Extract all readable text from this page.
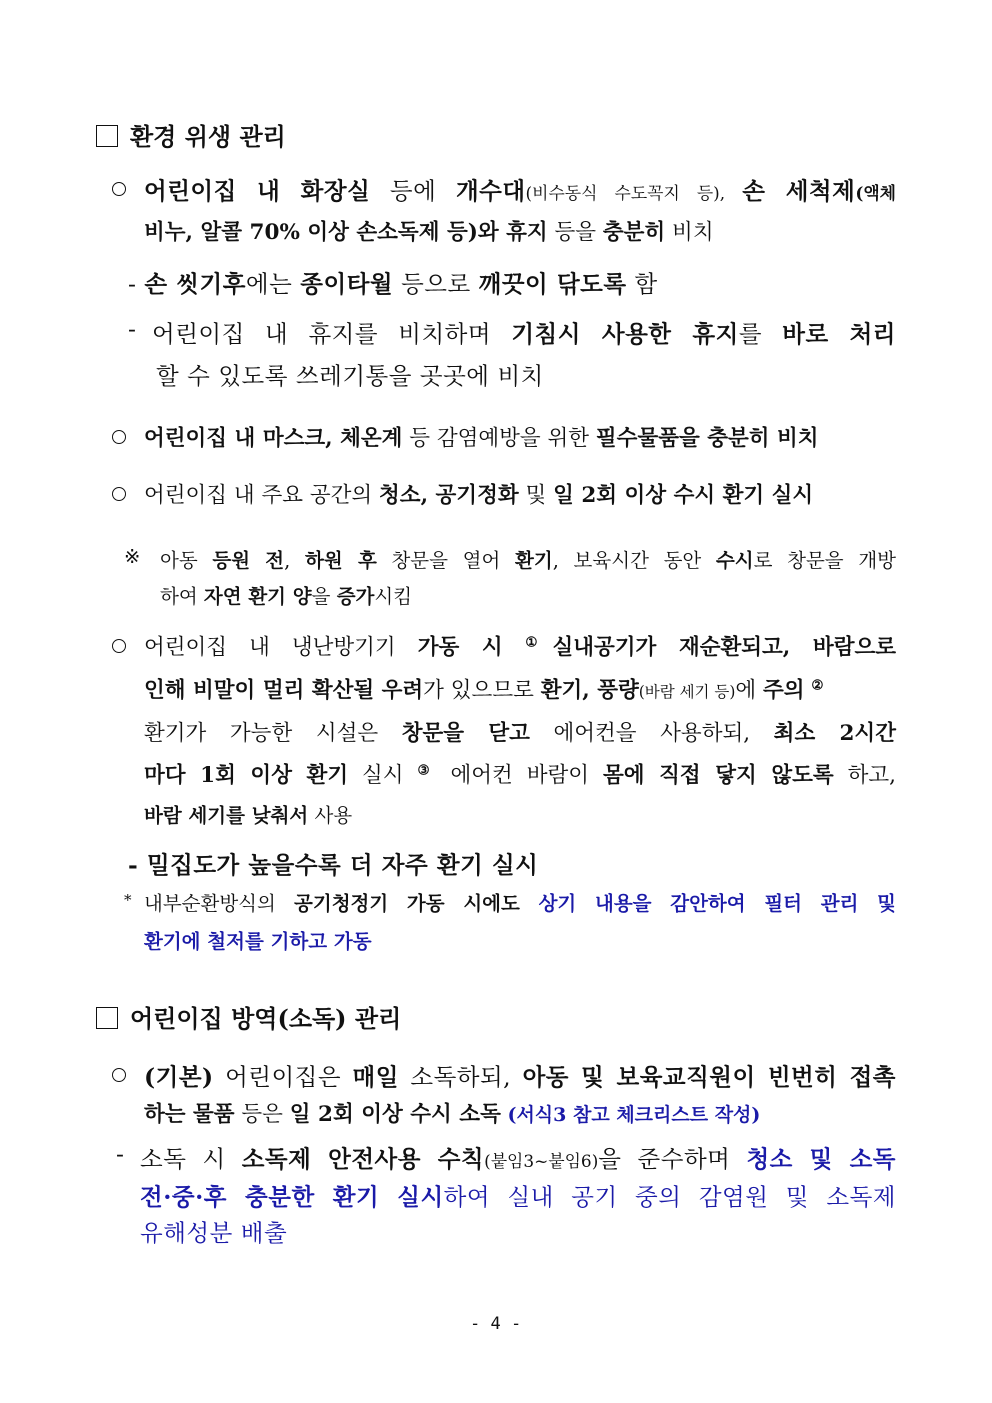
환경 위생 관리
어린이집 내 화장실 등에 개수대(비수동식 수도꼭지 등), 손 세척제(액체
비누, 알콜 70% 이상 손소독제 등)와 휴지 등을 충분히 비치
- 손 씻기후에는 종이타월 등으로 깨끗이 닦도록 함
- 어린이집 내 휴지를 비치하며 기침시 사용한 휴지를 바로 처리
할 수 있도록 쓰레기통을 곳곳에 비치
어린이집 내 마스크, 체온계 등 감염예방을 위한 필수물품을 충분히 비치
어린이집 내 주요 공간의 청소, 공기정화 및 일 2회 이상 수시 환기 실시
※ 아동 등원 전, 하원 후 창문을 열어 환기, 보육시간 동안 수시로 창문을 개방
하여 자연 환기 양을 증가시킴
어린이집 내 냉난방기기 가동 시 ①실내공기가 재순환되고, 바람으로
인해 비말이 멀리 확산될 우려가 있으므로 환기, 풍량(바람 세기 등)에 주의 ②
환기가 가능한 시설은 창문을 닫고 에어컨을 사용하되, 최소 2시간
마다 1회 이상 환기 실시 ③ 에어컨 바람이 몸에 직접 닿지 않도록 하고,
바람 세기를 낮춰서 사용
- 밀집도가 높을수록 더 자주 환기 실시
* 내부순환방식의 공기청정기 가동 시에도 상기 내용을 감안하여 필터 관리 및
환기에 철저를 기하고 가동
어린이집 방역(소독) 관리
(기본) 어린이집은 매일 소독하되, 아동 및 보육교직원이 빈번히 접촉
하는 물품 등은 일 2회 이상 수시 소독 (서식3 참고 체크리스트 작성)
- 소독 시 소독제 안전사용 수칙(붙임3~붙임6)을 준수하며 청소 및 소독
전·중·후 충분한 환기 실시하여 실내 공기 중의 감염원 및 소독제
유해성분 배출
- 4 -
